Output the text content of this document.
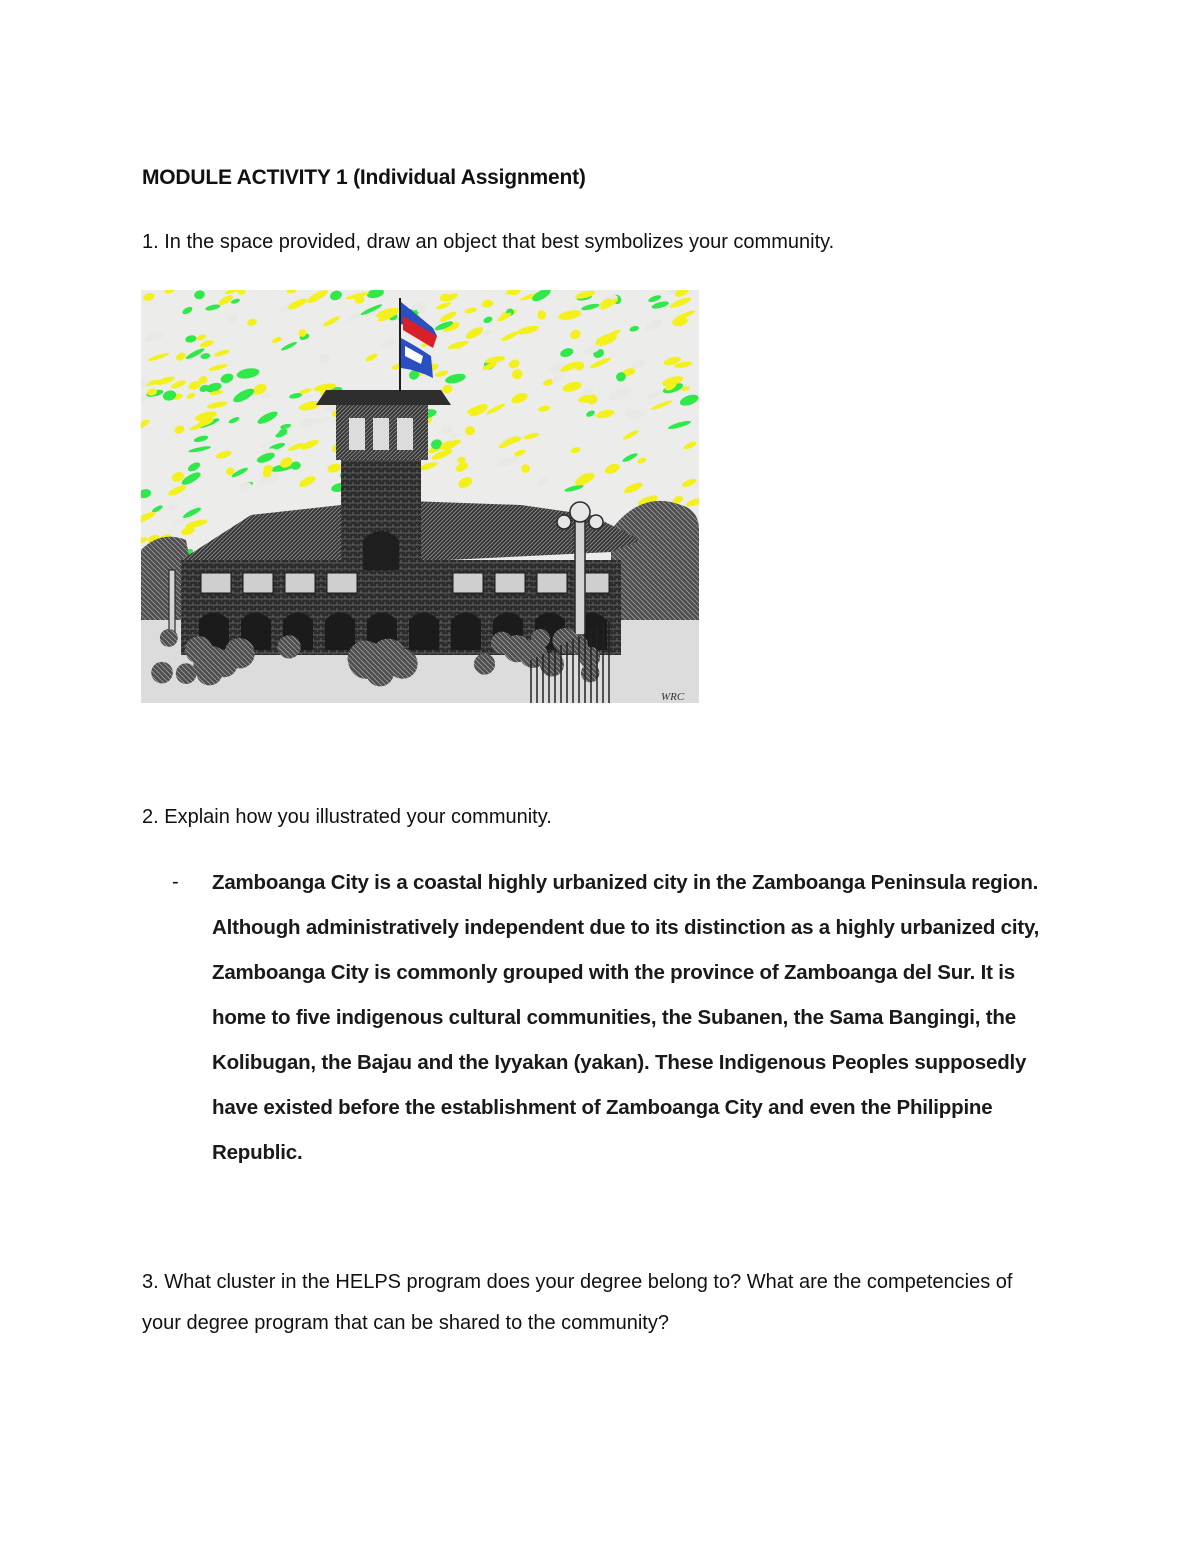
MODULE ACTIVITY 1 (Individual Assignment)

1. In the space provided, draw an object that best symbolizes your community.

WRC

2. Explain how you illustrated your community.

- Zamboanga City is a coastal highly urbanized city in the Zamboanga Peninsula region. Although administratively independent due to its distinction as a highly urbanized city, Zamboanga City is commonly grouped with the province of Zamboanga del Sur. It is home to five indigenous cultural communities, the Subanen, the Sama Bangingi, the Kolibugan, the Bajau and the Iyyakan (yakan). These Indigenous Peoples supposedly have existed before the establishment of Zamboanga City and even the Philippine Republic.

3. What cluster in the HELPS program does your degree belong to? What are the competencies of your degree program that can be shared to the community?
